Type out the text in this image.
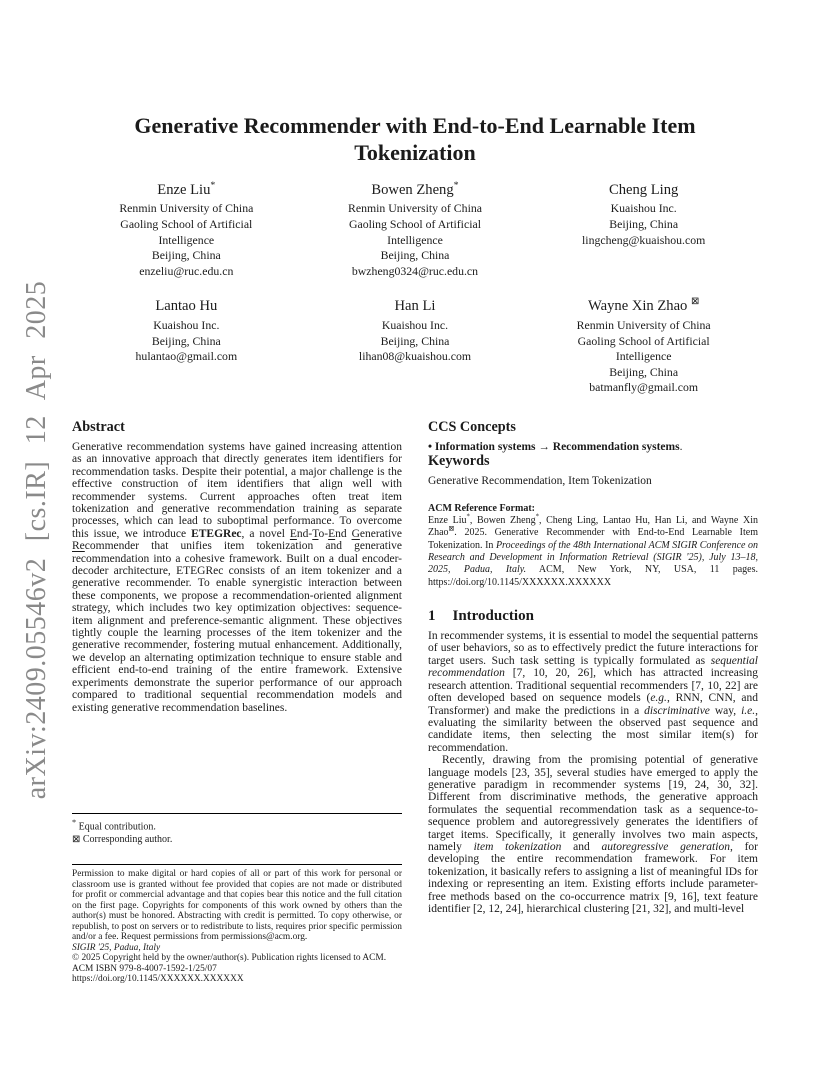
arXiv:2409.05546v2 [cs.IR] 12 Apr 2025
Generative Recommender with End-to-End Learnable Item Tokenization
Enze Liu*
Renmin University of China
Gaoling School of Artificial Intelligence
Beijing, China
enzeliu@ruc.edu.cn
Bowen Zheng*
Renmin University of China
Gaoling School of Artificial Intelligence
Beijing, China
bwzheng0324@ruc.edu.cn
Cheng Ling
Kuaishou Inc.
Beijing, China
lingcheng@kuaishou.com
Lantao Hu
Kuaishou Inc.
Beijing, China
hulantao@gmail.com
Han Li
Kuaishou Inc.
Beijing, China
lihan08@kuaishou.com
Wayne Xin Zhao ⊠
Renmin University of China
Gaoling School of Artificial Intelligence
Beijing, China
batmanfly@gmail.com
Abstract

Generative recommendation systems have gained increasing attention as an innovative approach that directly generates item identifiers for recommendation tasks. Despite their potential, a major challenge is the effective construction of item identifiers that align well with recommender systems. Current approaches often treat item tokenization and generative recommendation training as separate processes, which can lead to suboptimal performance. To overcome this issue, we introduce ETEGRec, a novel End-To-End Generative Recommender that unifies item tokenization and generative recommendation into a cohesive framework. Built on a dual encoder-decoder architecture, ETEGRec consists of an item tokenizer and a generative recommender. To enable synergistic interaction between these components, we propose a recommendation-oriented alignment strategy, which includes two key optimization objectives: sequence-item alignment and preference-semantic alignment. These objectives tightly couple the learning processes of the item tokenizer and the generative recommender, fostering mutual enhancement. Additionally, we develop an alternating optimization technique to ensure stable and efficient end-to-end training of the entire framework. Extensive experiments demonstrate the superior performance of our approach compared to traditional sequential recommendation models and existing generative recommendation baselines.

* Equal contribution.

⊠ Corresponding author.

Permission to make digital or hard copies of all or part of this work for personal or classroom use is granted without fee provided that copies are not made or distributed for profit or commercial advantage and that copies bear this notice and the full citation on the first page. Copyrights for components of this work owned by others than the author(s) must be honored. Abstracting with credit is permitted. To copy otherwise, or republish, to post on servers or to redistribute to lists, requires prior specific permission and/or a fee. Request permissions from permissions@acm.org.

SIGIR '25, Padua, Italy

© 2025 Copyright held by the owner/author(s). Publication rights licensed to ACM.

ACM ISBN 979-8-4007-1592-1/25/07

https://doi.org/10.1145/XXXXXX.XXXXXX

CCS Concepts

• Information systems → Recommendation systems.

Keywords

Generative Recommendation, Item Tokenization

ACM Reference Format:

Enze Liu*, Bowen Zheng*, Cheng Ling, Lantao Hu, Han Li, and Wayne Xin Zhao⊠. 2025. Generative Recommender with End-to-End Learnable Item Tokenization. In Proceedings of the 48th International ACM SIGIR Conference on Research and Development in Information Retrieval (SIGIR '25), July 13–18, 2025, Padua, Italy. ACM, New York, NY, USA, 11 pages. https://doi.org/10.1145/XXXXXX.XXXXXX

1 Introduction

In recommender systems, it is essential to model the sequential patterns of user behaviors, so as to effectively predict the future interactions for target users. Such task setting is typically formulated as sequential recommendation [7, 10, 20, 26], which has attracted increasing research attention. Traditional sequential recommenders [7, 10, 22] are often developed based on sequence models (e.g., RNN, CNN, and Transformer) and make the predictions in a discriminative way, i.e., evaluating the similarity between the observed past sequence and candidate items, then selecting the most similar item(s) for recommendation.

Recently, drawing from the promising potential of generative language models [23, 35], several studies have emerged to apply the generative paradigm in recommender systems [19, 24, 30, 32]. Different from discriminative methods, the generative approach formulates the sequential recommendation task as a sequence-to-sequence problem and autoregressively generates the identifiers of target items. Specifically, it generally involves two main aspects, namely item tokenization and autoregressive generation, for developing the entire recommendation framework. For item tokenization, it basically refers to assigning a list of meaningful IDs for indexing or representing an item. Existing efforts include parameter-free methods based on the co-occurrence matrix [9, 16], text feature identifier [2, 12, 24], hierarchical clustering [21, 32], and multi-level
